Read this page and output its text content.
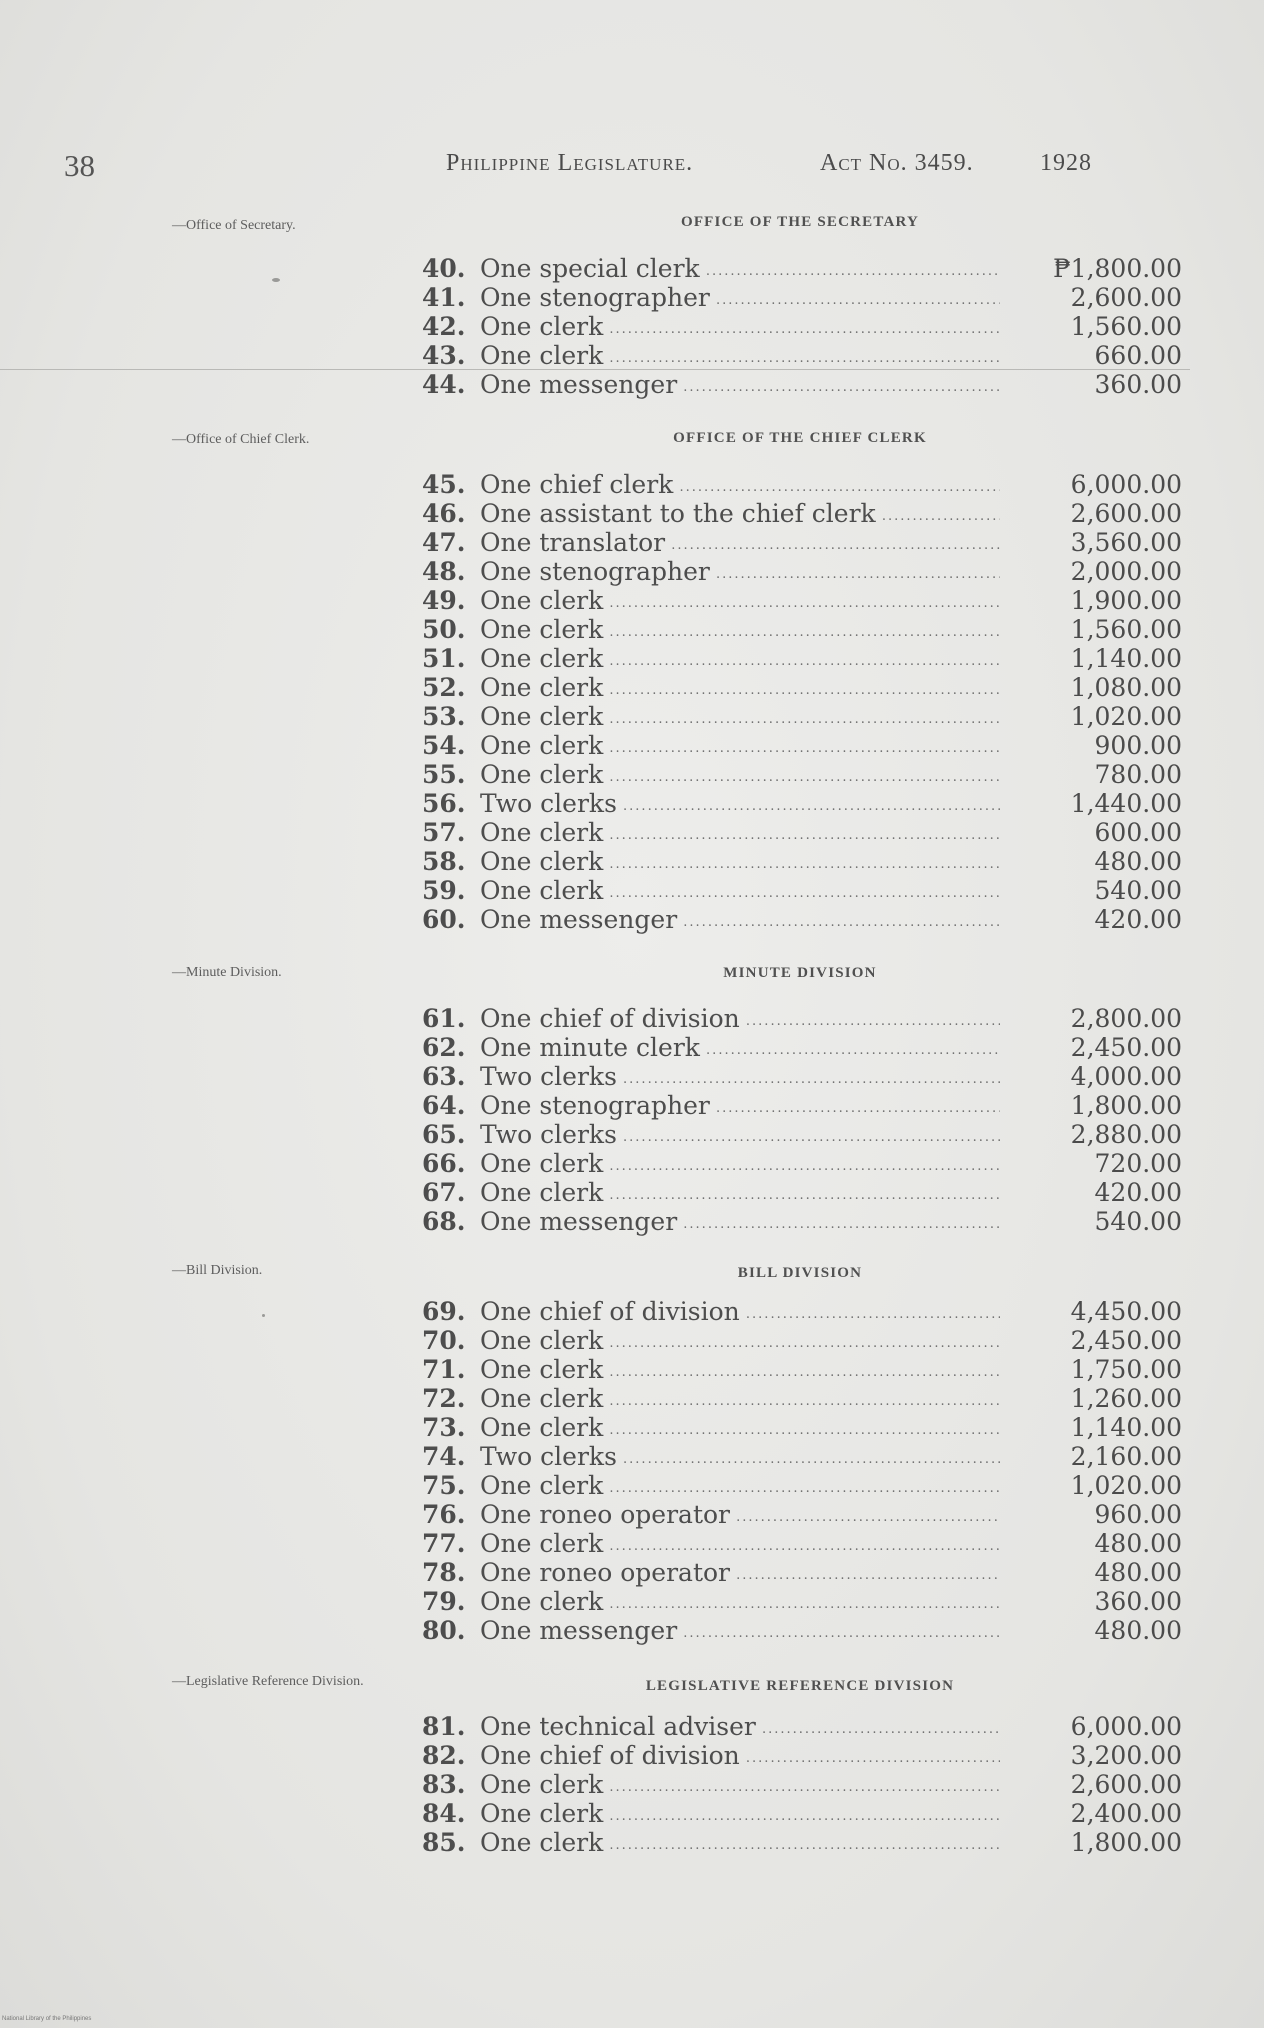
38	Philippine Legislature.	Act No. 3459.	1928
—Office of Secretary.	OFFICE OF THE SECRETARY
40. One special clerk .....	₱1,800.00
41. One stenographer .....	2,600.00
42. One clerk .....	1,560.00
43. One clerk .....	660.00
44. One messenger .....	360.00
—Office of Chief Clerk.	OFFICE OF THE CHIEF CLERK
45. One chief clerk .....	6,000.00
46. One assistant to the chief clerk .....	2,600.00
47. One translator .....	3,560.00
48. One stenographer .....	2,000.00
49. One clerk .....	1,900.00
50. One clerk .....	1,560.00
51. One clerk .....	1,140.00
52. One clerk .....	1,080.00
53. One clerk .....	1,020.00
54. One clerk .....	900.00
55. One clerk .....	780.00
56. Two clerks .....	1,440.00
57. One clerk .....	600.00
58. One clerk .....	480.00
59. One clerk .....	540.00
60. One messenger .....	420.00
—Minute Division.	MINUTE DIVISION
61. One chief of division .....	2,800.00
62. One minute clerk .....	2,450.00
63. Two clerks .....	4,000.00
64. One stenographer .....	1,800.00
65. Two clerks .....	2,880.00
66. One clerk .....	720.00
67. One clerk .....	420.00
68. One messenger .....	540.00
—Bill Division.	BILL DIVISION
69. One chief of division .....	4,450.00
70. One clerk .....	2,450.00
71. One clerk .....	1,750.00
72. One clerk .....	1,260.00
73. One clerk .....	1,140.00
74. Two clerks .....	2,160.00
75. One clerk .....	1,020.00
76. One roneo operator .....	960.00
77. One clerk .....	480.00
78. One roneo operator .....	480.00
79. One clerk .....	360.00
80. One messenger .....	480.00
—Legislative Reference Division.	LEGISLATIVE REFERENCE DIVISION
81. One technical adviser .....	6,000.00
82. One chief of division .....	3,200.00
83. One clerk .....	2,600.00
84. One clerk .....	2,400.00
85. One clerk .....	1,800.00
National Library of the Philippines
